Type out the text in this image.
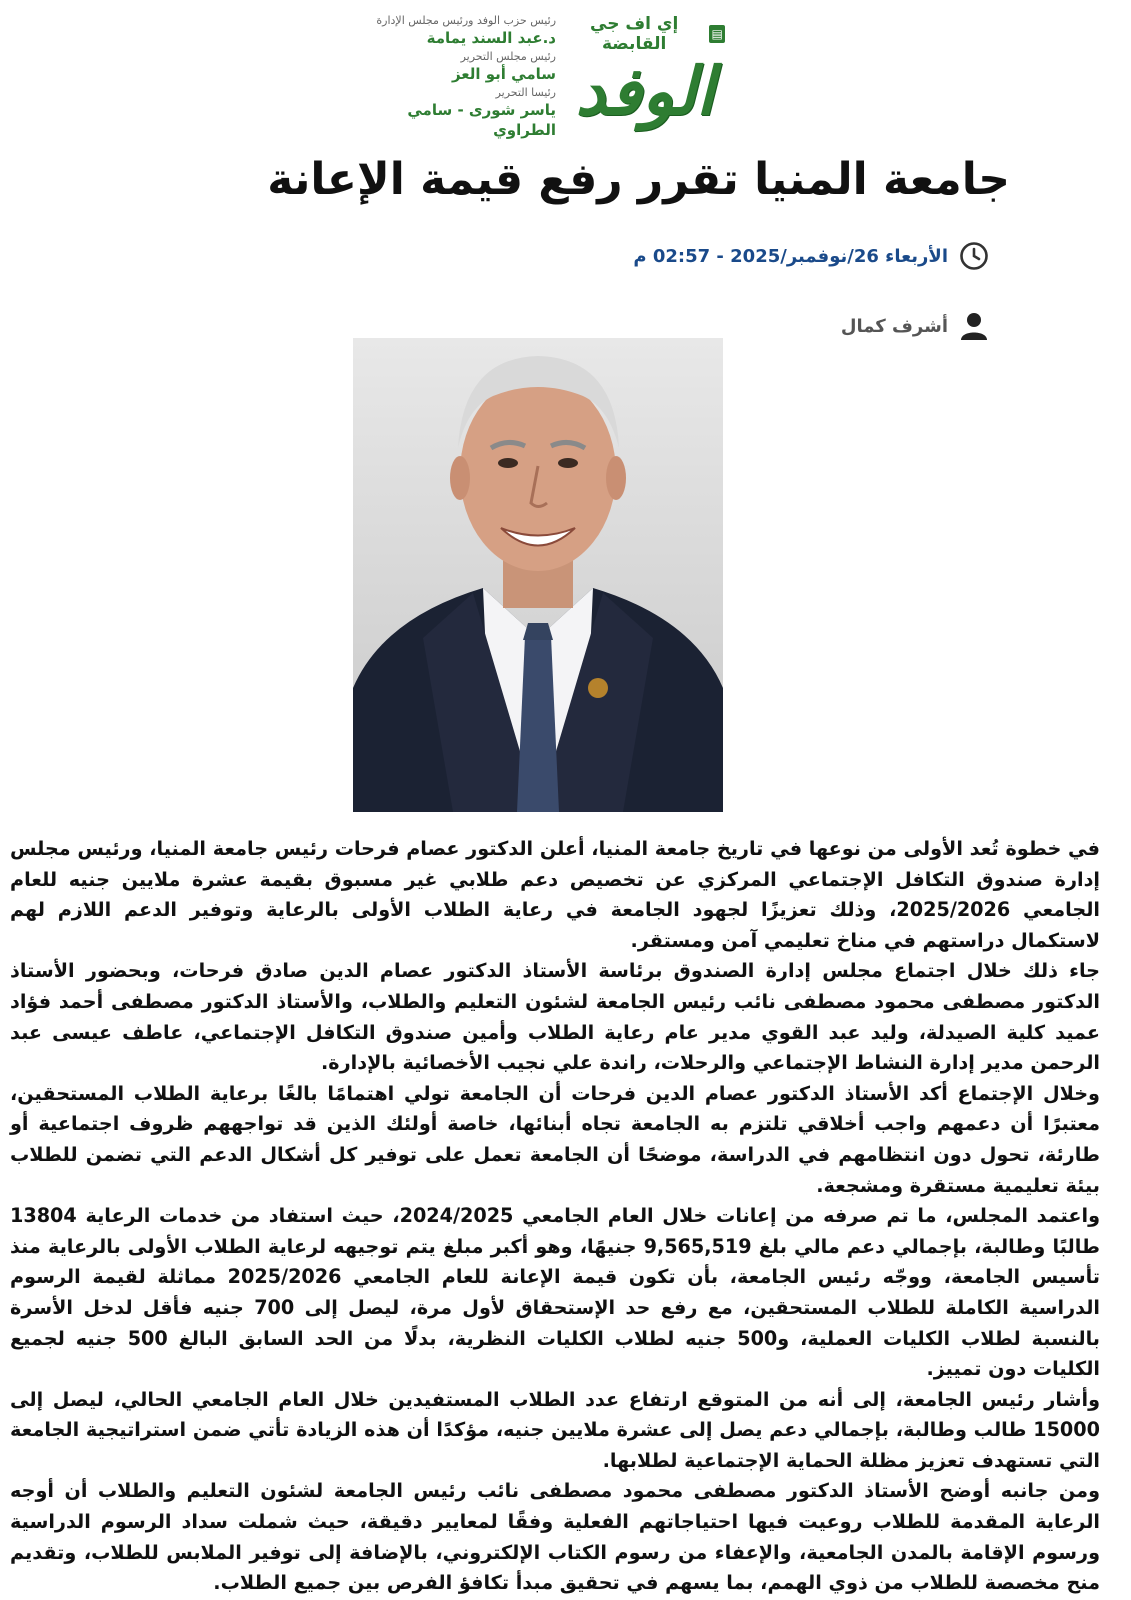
▤
إي اف جي القابضة
الوفد
رئيس حزب الوفد ورئيس مجلس الإدارة
د.عبد السند يمامة
رئيس مجلس التحرير
سامي أبو العز
رئيسا التحرير
ياسر شورى - سامي الطراوي
جامعة المنيا تقرر رفع قيمة الإعانة
الأربعاء 26/نوفمبر/2025 - 02:57 م
أشرف كمال

في خطوة تُعد الأولى من نوعها في تاريخ جامعة المنيا، أعلن الدكتور عصام فرحات رئيس جامعة المنيا، ورئيس مجلس إدارة صندوق التكافل الإجتماعي المركزي عن تخصيص دعم طلابي غير مسبوق بقيمة عشرة ملايين جنيه للعام الجامعي 2025/2026، وذلك تعزيزًا لجهود الجامعة في رعاية الطلاب الأولى بالرعاية وتوفير الدعم اللازم لهم لاستكمال دراستهم في مناخ تعليمي آمن ومستقر.

جاء ذلك خلال اجتماع مجلس إدارة الصندوق برئاسة الأستاذ الدكتور عصام الدين صادق فرحات، وبحضور الأستاذ الدكتور مصطفى محمود مصطفى نائب رئيس الجامعة لشئون التعليم والطلاب، والأستاذ الدكتور مصطفى أحمد فؤاد عميد كلية الصيدلة، وليد عبد القوي مدير عام رعاية الطلاب وأمين صندوق التكافل الإجتماعي، عاطف عيسى عبد الرحمن مدير إدارة النشاط الإجتماعي والرحلات، راندة علي نجيب الأخصائية بالإدارة.

وخلال الإجتماع أكد الأستاذ الدكتور عصام الدين فرحات أن الجامعة تولي اهتمامًا بالغًا برعاية الطلاب المستحقين، معتبرًا أن دعمهم واجب أخلاقي تلتزم به الجامعة تجاه أبنائها، خاصة أولئك الذين قد تواجههم ظروف اجتماعية أو طارئة، تحول دون انتظامهم في الدراسة، موضحًا أن الجامعة تعمل على توفير كل أشكال الدعم التي تضمن للطلاب بيئة تعليمية مستقرة ومشجعة.

واعتمد المجلس، ما تم صرفه من إعانات خلال العام الجامعي 2024/2025، حيث استفاد من خدمات الرعاية 13804 طالبًا وطالبة، بإجمالي دعم مالي بلغ 9,565,519 جنيهًا، وهو أكبر مبلغ يتم توجيهه لرعاية الطلاب الأولى بالرعاية منذ تأسيس الجامعة، ووجّه رئيس الجامعة، بأن تكون قيمة الإعانة للعام الجامعي 2025/2026 مماثلة لقيمة الرسوم الدراسية الكاملة للطلاب المستحقين، مع رفع حد الإستحقاق لأول مرة، ليصل إلى 700 جنيه فأقل لدخل الأسرة بالنسبة لطلاب الكليات العملية، و500 جنيه لطلاب الكليات النظرية، بدلًا من الحد السابق البالغ 500 جنيه لجميع الكليات دون تمييز.

وأشار رئيس الجامعة، إلى أنه من المتوقع ارتفاع عدد الطلاب المستفيدين خلال العام الجامعي الحالي، ليصل إلى 15000 طالب وطالبة، بإجمالي دعم يصل إلى عشرة ملايين جنيه، مؤكدًا أن هذه الزيادة تأتي ضمن استراتيجية الجامعة التي تستهدف تعزيز مظلة الحماية الإجتماعية لطلابها.

ومن جانبه أوضح الأستاذ الدكتور مصطفى محمود مصطفى نائب رئيس الجامعة لشئون التعليم والطلاب أن أوجه الرعاية المقدمة للطلاب روعيت فيها احتياجاتهم الفعلية وفقًا لمعايير دقيقة، حيث شملت سداد الرسوم الدراسية ورسوم الإقامة بالمدن الجامعية، والإعفاء من رسوم الكتاب الإلكتروني، بالإضافة إلى توفير الملابس للطلاب، وتقديم منح مخصصة للطلاب من ذوي الهمم، بما يسهم في تحقيق مبدأ تكافؤ الفرص بين جميع الطلاب.
